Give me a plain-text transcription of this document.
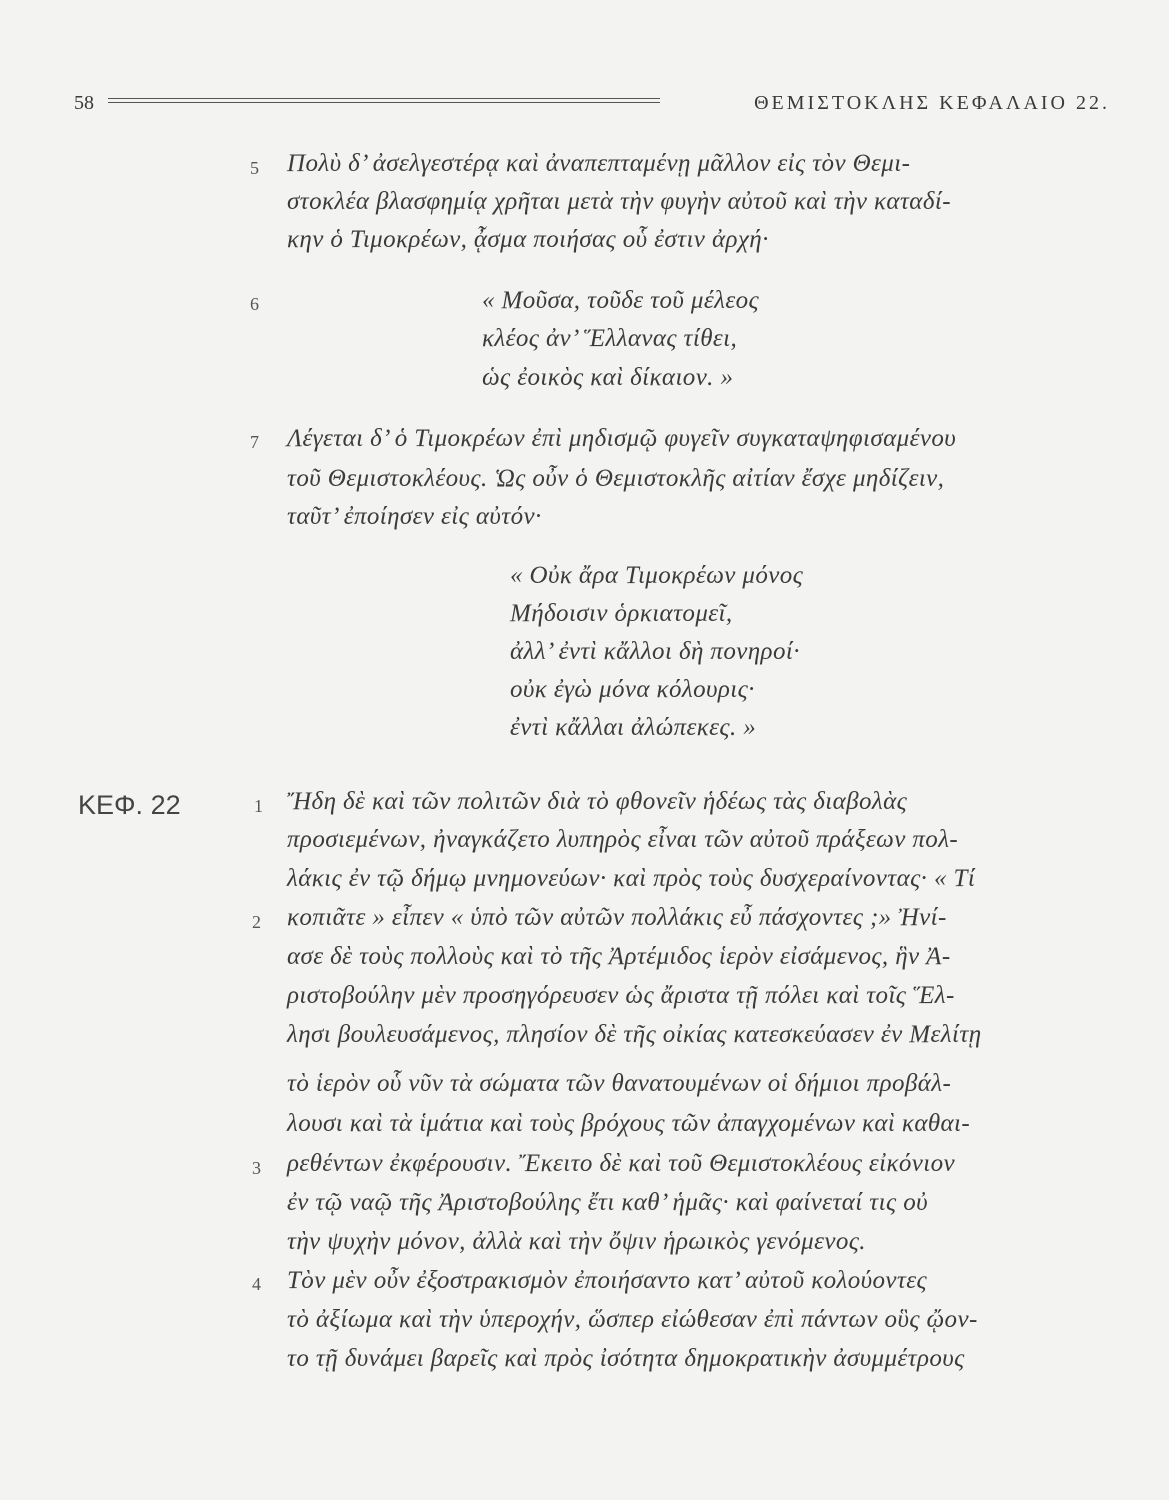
58	ΘΕΜΙΣΤΟΚΛΗΣ ΚΕΦΑΛΑΙΟ 22.
5
6
7
1
2
3
4
ΚΕΦ. 22
Πολὺ δ’ ἀσελγεστέρᾳ καὶ ἀναπεπταμένῃ μᾶλλον εἰς τὸν Θεμι-
στοκλέα βλασφημίᾳ χρῆται μετὰ τὴν φυγὴν αὐτοῦ καὶ τὴν καταδί-
κην ὁ Τιμοκρέων, ᾆσμα ποιήσας οὗ ἐστιν ἀρχή·
« Μοῦσα, τοῦδε τοῦ μέλεος
κλέος ἀν’ Ἕλλανας τίθει,
ὡς ἐοικὸς καὶ δίκαιον. »
Λέγεται δ’ ὁ Τιμοκρέων ἐπὶ μηδισμῷ φυγεῖν συγκαταψηφισαμένου
τοῦ Θεμιστοκλέους. Ὡς οὖν ὁ Θεμιστοκλῆς αἰτίαν ἔσχε μηδίζειν,
ταῦτ’ ἐποίησεν εἰς αὐτόν·
« Οὐκ ἄρα Τιμοκρέων μόνος
Μήδοισιν ὁρκιατομεῖ,
ἀλλ’ ἐντὶ κἄλλοι δὴ πονηροί·
οὐκ ἐγὼ μόνα κόλουρις·
ἐντὶ κἄλλαι ἀλώπεκες. »
Ἤδη δὲ καὶ τῶν πολιτῶν διὰ τὸ φθονεῖν ἡδέως τὰς διαβολὰς
προσιεμένων, ἠναγκάζετο λυπηρὸς εἶναι τῶν αὐτοῦ πράξεων πολ-
λάκις ἐν τῷ δήμῳ μνημονεύων· καὶ πρὸς τοὺς δυσχεραίνοντας· « Τί
κοπιᾶτε » εἶπεν « ὑπὸ τῶν αὐτῶν πολλάκις εὖ πάσχοντες ;» Ἠνί-
ασε δὲ τοὺς πολλοὺς καὶ τὸ τῆς Ἀρτέμιδος ἱερὸν εἰσάμενος, ἣν Ἀ-
ριστοβούλην μὲν προσηγόρευσεν ὡς ἄριστα τῇ πόλει καὶ τοῖς Ἕλ-
λησι βουλευσάμενος, πλησίον δὲ τῆς οἰκίας κατεσκεύασεν ἐν Μελίτῃ
τὸ ἱερὸν οὗ νῦν τὰ σώματα τῶν θανατουμένων οἱ δήμιοι προβάλ-
λουσι καὶ τὰ ἱμάτια καὶ τοὺς βρόχους τῶν ἀπαγχομένων καὶ καθαι-
ρεθέντων ἐκφέρουσιν. Ἔκειτο δὲ καὶ τοῦ Θεμιστοκλέους εἰκόνιον
ἐν τῷ ναῷ τῆς Ἀριστοβούλης ἔτι καθ’ ἡμᾶς· καὶ φαίνεταί τις οὐ
τὴν ψυχὴν μόνον, ἀλλὰ καὶ τὴν ὄψιν ἡρωικὸς γενόμενος.
Τὸν μὲν οὖν ἐξοστρακισμὸν ἐποιήσαντο κατ’ αὐτοῦ κολούοντες
τὸ ἀξίωμα καὶ τὴν ὑπεροχήν, ὥσπερ εἰώθεσαν ἐπὶ πάντων οὓς ᾤον-
το τῇ δυνάμει βαρεῖς καὶ πρὸς ἰσότητα δημοκρατικὴν ἀσυμμέτρους
